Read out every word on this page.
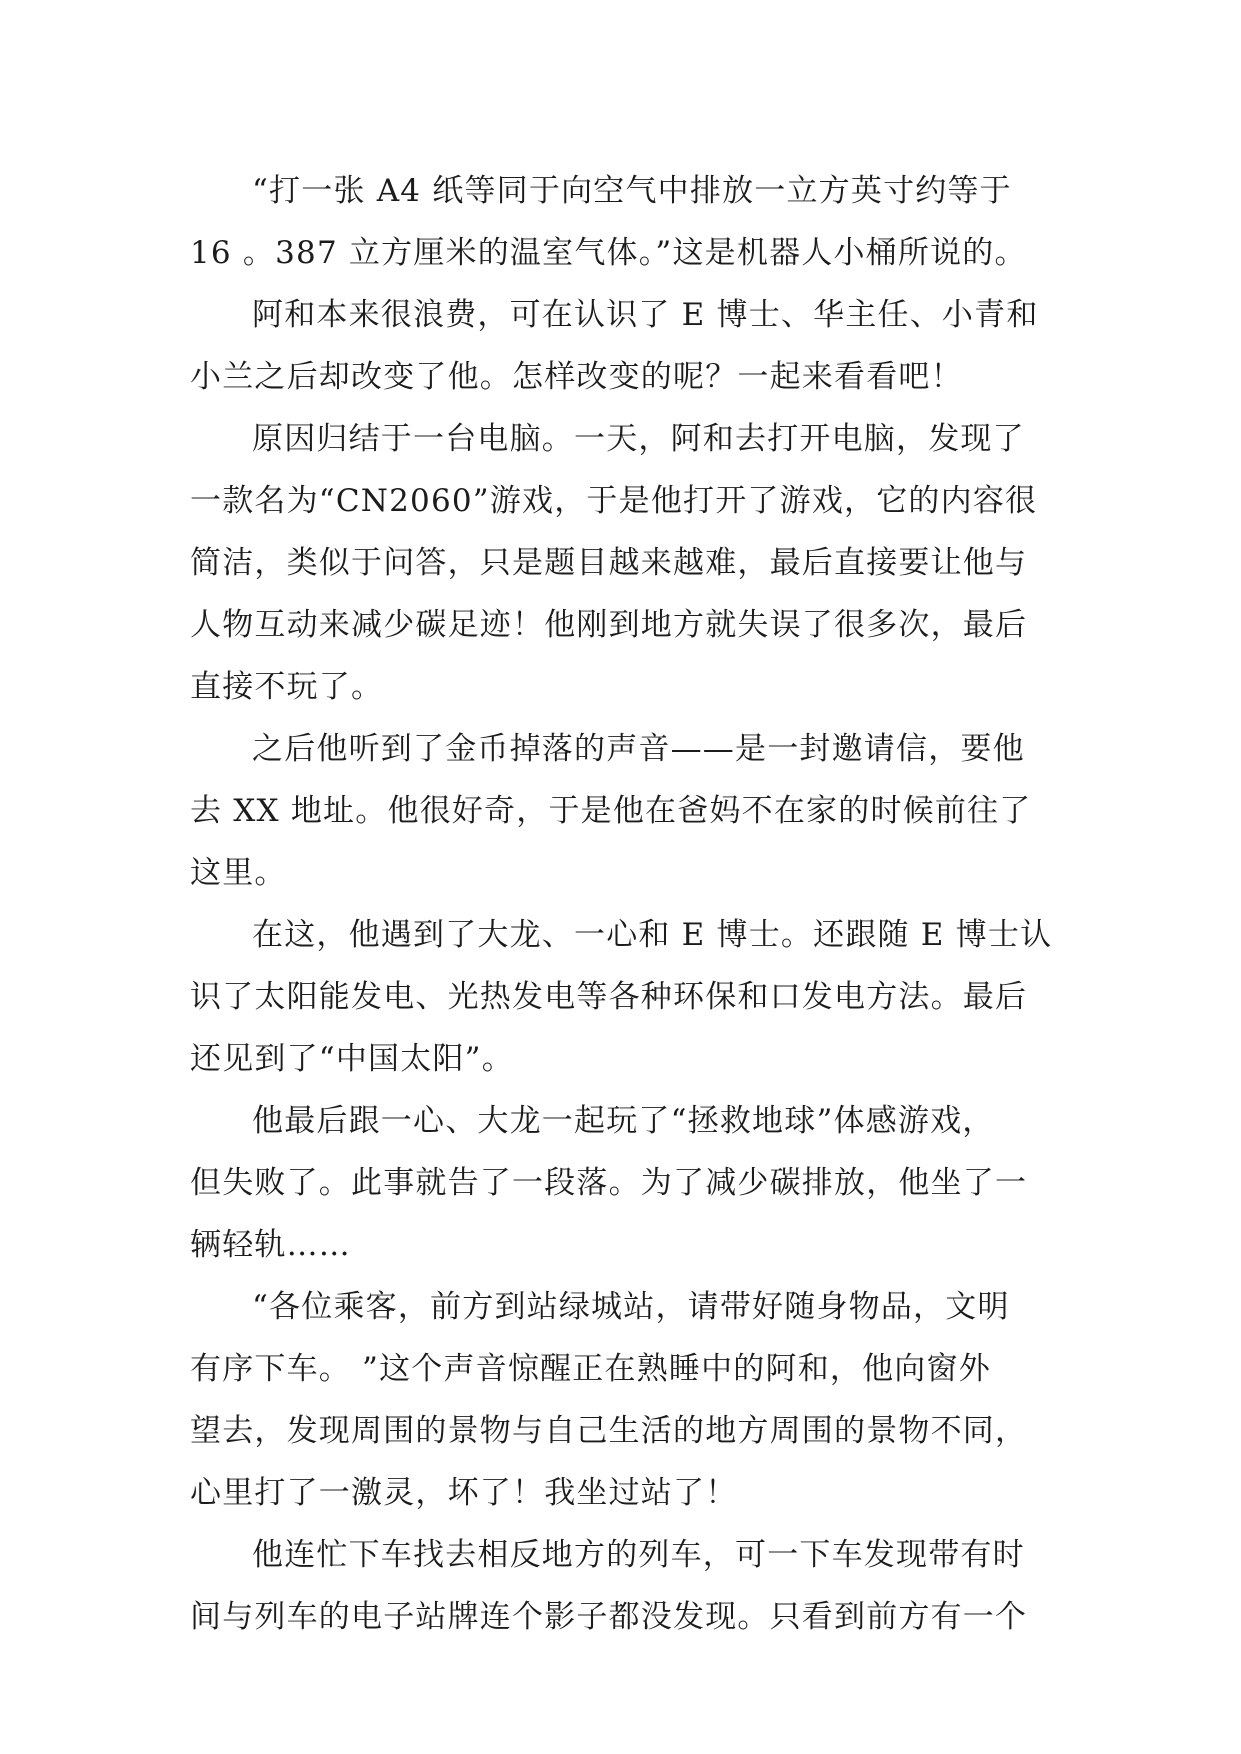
“打一张 A4 纸等同于向空气中排放一立方英寸约等于
16 。387 立方厘米的温室气体。”这是机器人小桶所说的。
阿和本来很浪费，可在认识了 E 博士、华主任、小青和
小兰之后却改变了他。怎样改变的呢？一起来看看吧！
原因归结于一台电脑。一天，阿和去打开电脑，发现了
一款名为“CN2060”游戏，于是他打开了游戏，它的内容很
简洁，类似于问答，只是题目越来越难，最后直接要让他与
人物互动来减少碳足迹！他刚到地方就失误了很多次，最后
直接不玩了。
之后他听到了金币掉落的声音——是一封邀请信，要他
去 XX 地址。他很好奇，于是他在爸妈不在家的时候前往了
这里。
在这，他遇到了大龙、一心和 E 博士。还跟随 E 博士认
识了太阳能发电、光热发电等各种环保和口发电方法。最后
还见到了“中国太阳”。
他最后跟一心、大龙一起玩了“拯救地球”体感游戏，
但失败了。此事就告了一段落。为了减少碳排放，他坐了一
辆轻轨……
“各位乘客，前方到站绿城站，请带好随身物品，文明
有序下车。 ”这个声音惊醒正在熟睡中的阿和，他向窗外
望去，发现周围的景物与自己生活的地方周围的景物不同，
心里打了一激灵，坏了！我坐过站了！
他连忙下车找去相反地方的列车，可一下车发现带有时
间与列车的电子站牌连个影子都没发现。只看到前方有一个
